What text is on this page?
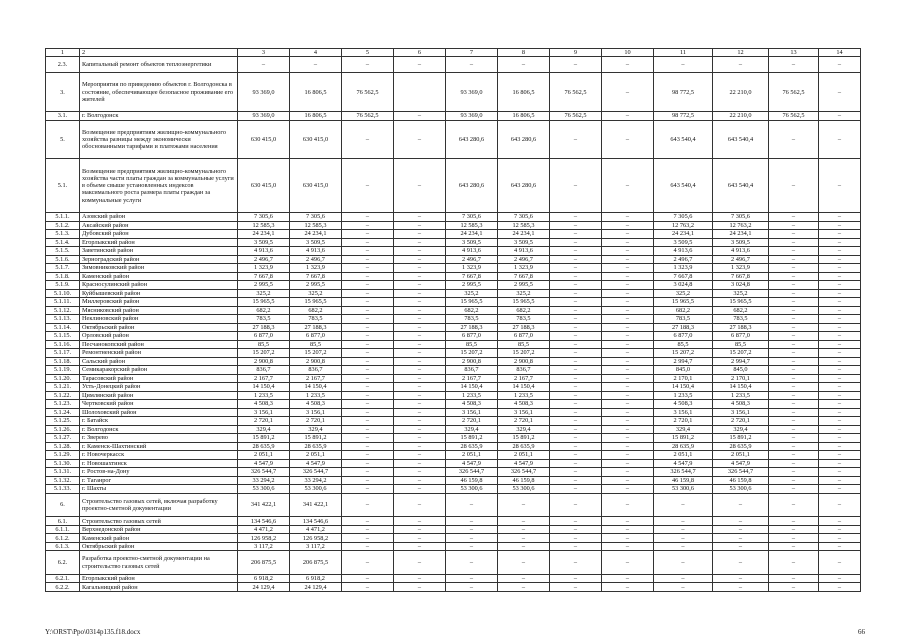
1	2	3	4	5	6	7	8	9	10	11	12	13	14
2.3.	Капитальный ремонт объектов теплоэнергетики	–	–	–	–	–	–	–	–	–	–	–	–
3.	Мероприятия по приведению объектов г. Волгодонска в состояние, обеспечивающее безопасное проживание его жителей	93 369,0	16 806,5	76 562,5		93 369,0	16 806,5	76 562,5	–	98 772,5	22 210,0	76 562,5	–
3.1.	г. Волгодонск	93 369,0	16 806,5	76 562,5	–	93 369,0	16 806,5	76 562,5	–	98 772,5	22 210,0	76 562,5	–
5.	Возмещение предприятиям жилищно-коммунального хозяйства разницы между экономически обоснованными тарифами и платежами населения	630 415,0	630 415,0	–	–	643 280,6	643 280,6	–	–	643 540,4	643 540,4	–	–
5.1.	Возмещение предприятиям жилищно-коммунального хозяйства части платы граждан за коммунальные услуги в объеме свыше установленных индексов максимального роста размера платы граждан за коммунальные услуги	630 415,0	630 415,0	–	–	643 280,6	643 280,6	–	–	643 540,4	643 540,4	–	–
5.1.1.	Азовский район	7 305,6	7 305,6	–	–	7 305,6	7 305,6	–	–	7 305,6	7 305,6	–	–
5.1.2.	Аксайский район	12 585,3	12 585,3	–	–	12 585,3	12 585,3	–	–	12 763,2	12 763,2	–	–
5.1.3.	Дубовский район	24 234,1	24 234,1	–	–	24 234,1	24 234,1	–	–	24 234,1	24 234,1	–	–
5.1.4.	Егорлыкский район	3 509,5	3 509,5	–	–	3 509,5	3 509,5	–	–	3 509,5	3 509,5	–	–
5.1.5.	Заветинский район	4 913,6	4 913,6	–	–	4 913,6	4 913,6	–	–	4 913,6	4 913,6	–	–
5.1.6.	Зерноградский район	2 496,7	2 496,7	–	–	2 496,7	2 496,7	–	–	2 496,7	2 496,7	–	–
5.1.7.	Зимовниковский район	1 323,9	1 323,9	–	–	1 323,9	1 323,9	–	–	1 323,9	1 323,9	–	–
5.1.8.	Каменский район	7 667,8	7 667,8	–	–	7 667,8	7 667,8	–	–	7 667,8	7 667,8	–	–
5.1.9.	Красносулинский район	2 995,5	2 995,5	–	–	2 995,5	2 995,5	–	–	3 024,8	3 024,8	–	–
5.1.10.	Куйбышевский район	325,2	325,2	–	–	325,2	325,2	–	–	325,2	325,2	–	–
5.1.11.	Миллеровский район	15 965,5	15 965,5	–	–	15 965,5	15 965,5	–	–	15 965,5	15 965,5	–	–
5.1.12.	Мясниковский район	682,2	682,2	–	–	682,2	682,2	–	–	682,2	682,2	–	–
5.1.13.	Неклиновский район	783,5	783,5	–	–	783,5	783,5	–	–	783,5	783,5	–	–
5.1.14.	Октябрьский район	27 188,3	27 188,3	–	–	27 188,3	27 188,3	–	–	27 188,3	27 188,3	–	–
5.1.15.	Орловский район	6 877,0	6 877,0	–	–	6 877,0	6 877,0	–	–	6 877,0	6 877,0	–	–
5.1.16.	Песчанокопский район	85,5	85,5	–	–	85,5	85,5	–	–	85,5	85,5	–	–
5.1.17.	Ремонтненский район	15 207,2	15 207,2	–	–	15 207,2	15 207,2	–	–	15 207,2	15 207,2	–	–
5.1.18.	Сальский район	2 900,8	2 900,8	–	–	2 900,8	2 900,8	–	–	2 994,7	2 994,7	–	–
5.1.19.	Семикаракорский район	836,7	836,7	–	–	836,7	836,7	–	–	845,0	845,0	–	–
5.1.20.	Тарасовский район	2 167,7	2 167,7	–	–	2 167,7	2 167,7	–	–	2 170,1	2 170,1	–	–
5.1.21.	Усть-Донецкий район	14 150,4	14 150,4	–	–	14 150,4	14 150,4	–	–	14 150,4	14 150,4	–	–
5.1.22.	Цимлянский район	1 233,5	1 233,5	–	–	1 233,5	1 233,5	–	–	1 233,5	1 233,5	–	–
5.1.23.	Чертковский район	4 508,3	4 508,3	–	–	4 508,3	4 508,3	–	–	4 508,3	4 508,3	–	–
5.1.24.	Шолоховский район	3 156,1	3 156,1	–	–	3 156,1	3 156,1	–	–	3 156,1	3 156,1	–	–
5.1.25.	г. Батайск	2 720,1	2 720,1	–	–	2 720,1	2 720,1	–	–	2 720,1	2 720,1	–	–
5.1.26.	г. Волгодонск	329,4	329,4	–	–	329,4	329,4	–	–	329,4	329,4	–	–
5.1.27.	г. Зверево	15 891,2	15 891,2	–	–	15 891,2	15 891,2	–	–	15 891,2	15 891,2	–	–
5.1.28.	г. Каменск-Шахтинский	28 635,9	28 635,9	–	–	28 635,9	28 635,9	–	–	28 635,9	28 635,9	–	–
5.1.29.	г. Новочеркасск	2 051,1	2 051,1	–	–	2 051,1	2 051,1	–	–	2 051,1	2 051,1	–	–
5.1.30.	г. Новошахтинск	4 547,9	4 547,9	–	–	4 547,9	4 547,9	–	–	4 547,9	4 547,9	–	–
5.1.31.	г. Ростов-на-Дону	326 544,7	326 544,7	–	–	326 544,7	326 544,7	–	–	326 544,7	326 544,7	–	–
5.1.32.	г. Таганрог	33 294,2	33 294,2	–	–	46 159,8	46 159,8	–	–	46 159,8	46 159,8	–	–
5.1.33.	г. Шахты	53 300,6	53 300,6	–	–	53 300,6	53 300,6	–	–	53 300,6	53 300,6	–	–
6.	Строительство газовых сетей, включая разработку проектно-сметной документации	341 422,1	341 422,1	–	–	–	–	–	–	–	–	–	–
6.1.	Строительство газовых сетей	134 546,6	134 546,6	–	–	–	–	–	–	–	–	–	–
6.1.1.	Верхнедонской район	4 471,2	4 471,2	–	–	–	–	–	–	–	–	–	–
6.1.2.	Каменский район	126 958,2	126 958,2	–	–	–	–	–	–	–	–	–	–
6.1.3.	Октябрьский район	3 117,2	3 117,2	–	–	–	–	–	–	–	–	–	–
6.2.	Разработка проектно-сметной документации на строительство газовых сетей	206 875,5	206 875,5	–	–	–	–	–	–	–	–	–	–
6.2.1.	Егорлыкский район	6 918,2	6 918,2	–	–	–	–	–	–	–	–	–	–
6.2.2.	Кагальницкий район	24 129,4	24 129,4	–	–	–	–	–	–	–	–	–	–
Y:\ORST\Ppo\0314p135.f18.docx	66
